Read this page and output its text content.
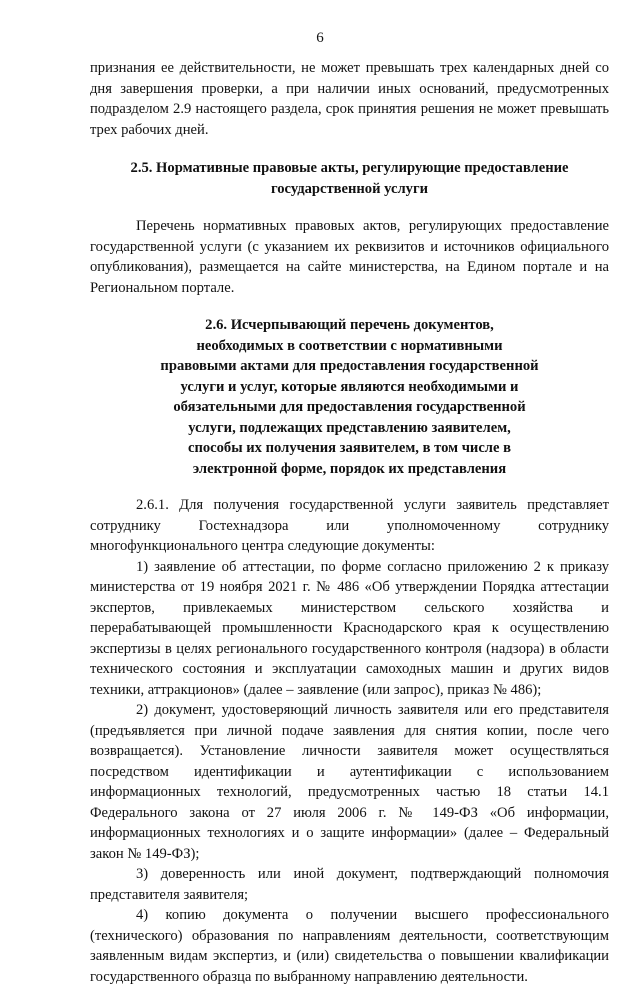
6

признания ее действительности, не может превышать трех календарных дней со дня завершения проверки, а при наличии иных оснований, предусмотренных подразделом 2.9 настоящего раздела, срок принятия решения не может превышать трех рабочих дней.

2.5. Нормативные правовые акты, регулирующие предоставление государственной услуги

Перечень нормативных правовых актов, регулирующих предоставление государственной услуги (с указанием их реквизитов и источников официального опубликования), размещается на сайте министерства, на Едином портале и на Региональном портале.

2.6. Исчерпывающий перечень документов, необходимых в соответствии с нормативными правовыми актами для предоставления государственной услуги и услуг, которые являются необходимыми и обязательными для предоставления государственной услуги, подлежащих представлению заявителем, способы их получения заявителем, в том числе в электронной форме, порядок их представления

2.6.1. Для получения государственной услуги заявитель представляет сотруднику Гостехнадзора или уполномоченному сотруднику многофункционального центра следующие документы:

1) заявление об аттестации, по форме согласно приложению 2 к приказу министерства от 19 ноября 2021 г. № 486 «Об утверждении Порядка аттестации экспертов, привлекаемых министерством сельского хозяйства и перерабатывающей промышленности Краснодарского края к осуществлению экспертизы в целях регионального государственного контроля (надзора) в области технического состояния и эксплуатации самоходных машин и других видов техники, аттракционов» (далее – заявление (или запрос), приказ № 486);

2) документ, удостоверяющий личность заявителя или его представителя (предъявляется при личной подаче заявления для снятия копии, после чего возвращается). Установление личности заявителя может осуществляться посредством идентификации и аутентификации с использованием информационных технологий, предусмотренных частью 18 статьи 14.1 Федерального закона от 27 июля 2006 г. № 149-ФЗ «Об информации, информационных технологиях и о защите информации» (далее – Федеральный закон № 149-ФЗ);

3) доверенность или иной документ, подтверждающий полномочия представителя заявителя;

4) копию документа о получении высшего профессионального (технического) образования по направлениям деятельности, соответствующим заявленным видам экспертиз, и (или) свидетельства о повышении квалификации государственного образца по выбранному направлению деятельности.
